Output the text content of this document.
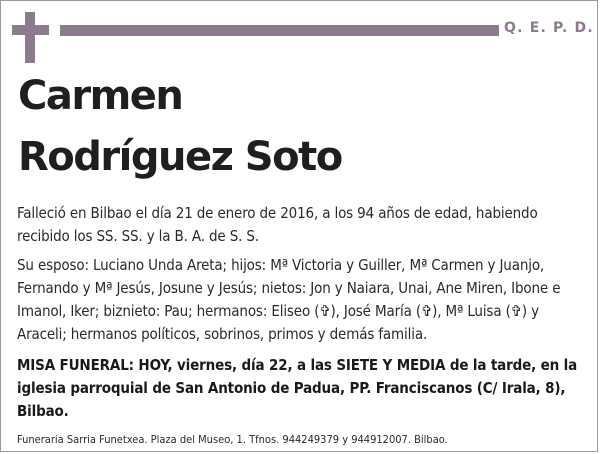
Q. E. P. D.
Carmen
Rodríguez Soto
Falleció en Bilbao el día 21 de enero de 2016, a los 94 años de edad, habiendo recibido los SS. SS. y la B. A. de S. S.
Su esposo: Luciano Unda Areta; hijos: Mª Victoria y Guiller, Mª Carmen y Juanjo, Fernando y Mª Jesús, Josune y Jesús; nietos: Jon y Naiara, Unai, Ane Miren, Ibone e Imanol, Iker; biznieto: Pau; hermanos: Eliseo (✞), José María (✞), Mª Luisa (✞) y Araceli; hermanos políticos, sobrinos, primos y demás familia.
MISA FUNERAL: HOY, viernes, día 22, a las SIETE Y MEDIA de la tarde, en la iglesia parroquial de San Antonio de Padua, PP. Franciscanos (C/ Irala, 8), Bilbao.
Funeraria Sarria Funetxea. Plaza del Museo, 1. Tfnos. 944249379 y 944912007. Bilbao.
